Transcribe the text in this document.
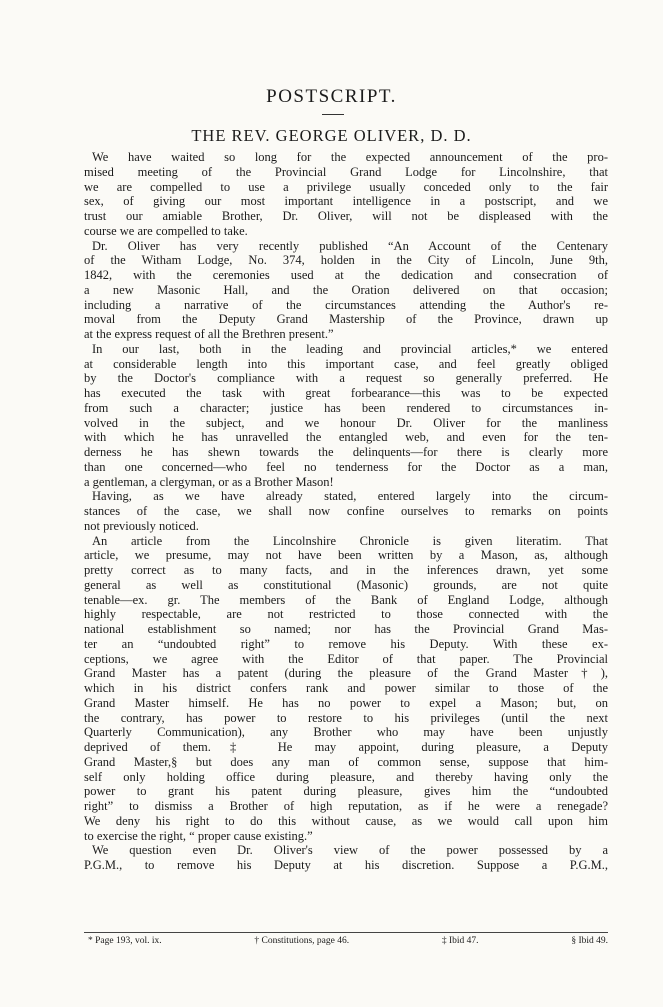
POSTSCRIPT.
THE REV. GEORGE OLIVER, D. D.
We have waited so long for the expected announcement of the pro-
mised meeting of the Provincial Grand Lodge for Lincolnshire, that
we are compelled to use a privilege usually conceded only to the fair
sex, of giving our most important intelligence in a postscript, and we
trust our amiable Brother, Dr. Oliver, will not be displeased with the
course we are compelled to take.
Dr. Oliver has very recently published “An Account of the Centenary
of the Witham Lodge, No. 374, holden in the City of Lincoln, June 9th,
1842, with the ceremonies used at the dedication and consecration of
a new Masonic Hall, and the Oration delivered on that occasion;
including a narrative of the circumstances attending the Author's re-
moval from the Deputy Grand Mastership of the Province, drawn up
at the express request of all the Brethren present.”
In our last, both in the leading and provincial articles,* we entered
at considerable length into this important case, and feel greatly obliged
by the Doctor's compliance with a request so generally preferred. He
has executed the task with great forbearance—this was to be expected
from such a character; justice has been rendered to circumstances in-
volved in the subject, and we honour Dr. Oliver for the manliness
with which he has unravelled the entangled web, and even for the ten-
derness he has shewn towards the delinquents—for there is clearly more
than one concerned—who feel no tenderness for the Doctor as a man,
a gentleman, a clergyman, or as a Brother Mason!
Having, as we have already stated, entered largely into the circum-
stances of the case, we shall now confine ourselves to remarks on points
not previously noticed.
An article from the Lincolnshire Chronicle is given literatim. That
article, we presume, may not have been written by a Mason, as, although
pretty correct as to many facts, and in the inferences drawn, yet some
general as well as constitutional (Masonic) grounds, are not quite
tenable—ex. gr. The members of the Bank of England Lodge, although
highly respectable, are not restricted to those connected with the
national establishment so named; nor has the Provincial Grand Mas-
ter an “undoubted right” to remove his Deputy. With these ex-
ceptions, we agree with the Editor of that paper. The Provincial
Grand Master has a patent (during the pleasure of the Grand Master†),
which in his district confers rank and power similar to those of the
Grand Master himself. He has no power to expel a Mason; but, on
the contrary, has power to restore to his privileges (until the next
Quarterly Communication), any Brother who may have been unjustly
deprived of them.‡ He may appoint, during pleasure, a Deputy
Grand Master,§ but does any man of common sense, suppose that him-
self only holding office during pleasure, and thereby having only the
power to grant his patent during pleasure, gives him the “undoubted
right” to dismiss a Brother of high reputation, as if he were a renegade?
We deny his right to do this without cause, as we would call upon him
to exercise the right, “ proper cause existing.”
We question even Dr. Oliver's view of the power possessed by a
P.G.M., to remove his Deputy at his discretion. Suppose a P.G.M.,
* Page 193, vol. ix.	† Constitutions, page 46.	‡ Ibid 47.	§ Ibid 49.
